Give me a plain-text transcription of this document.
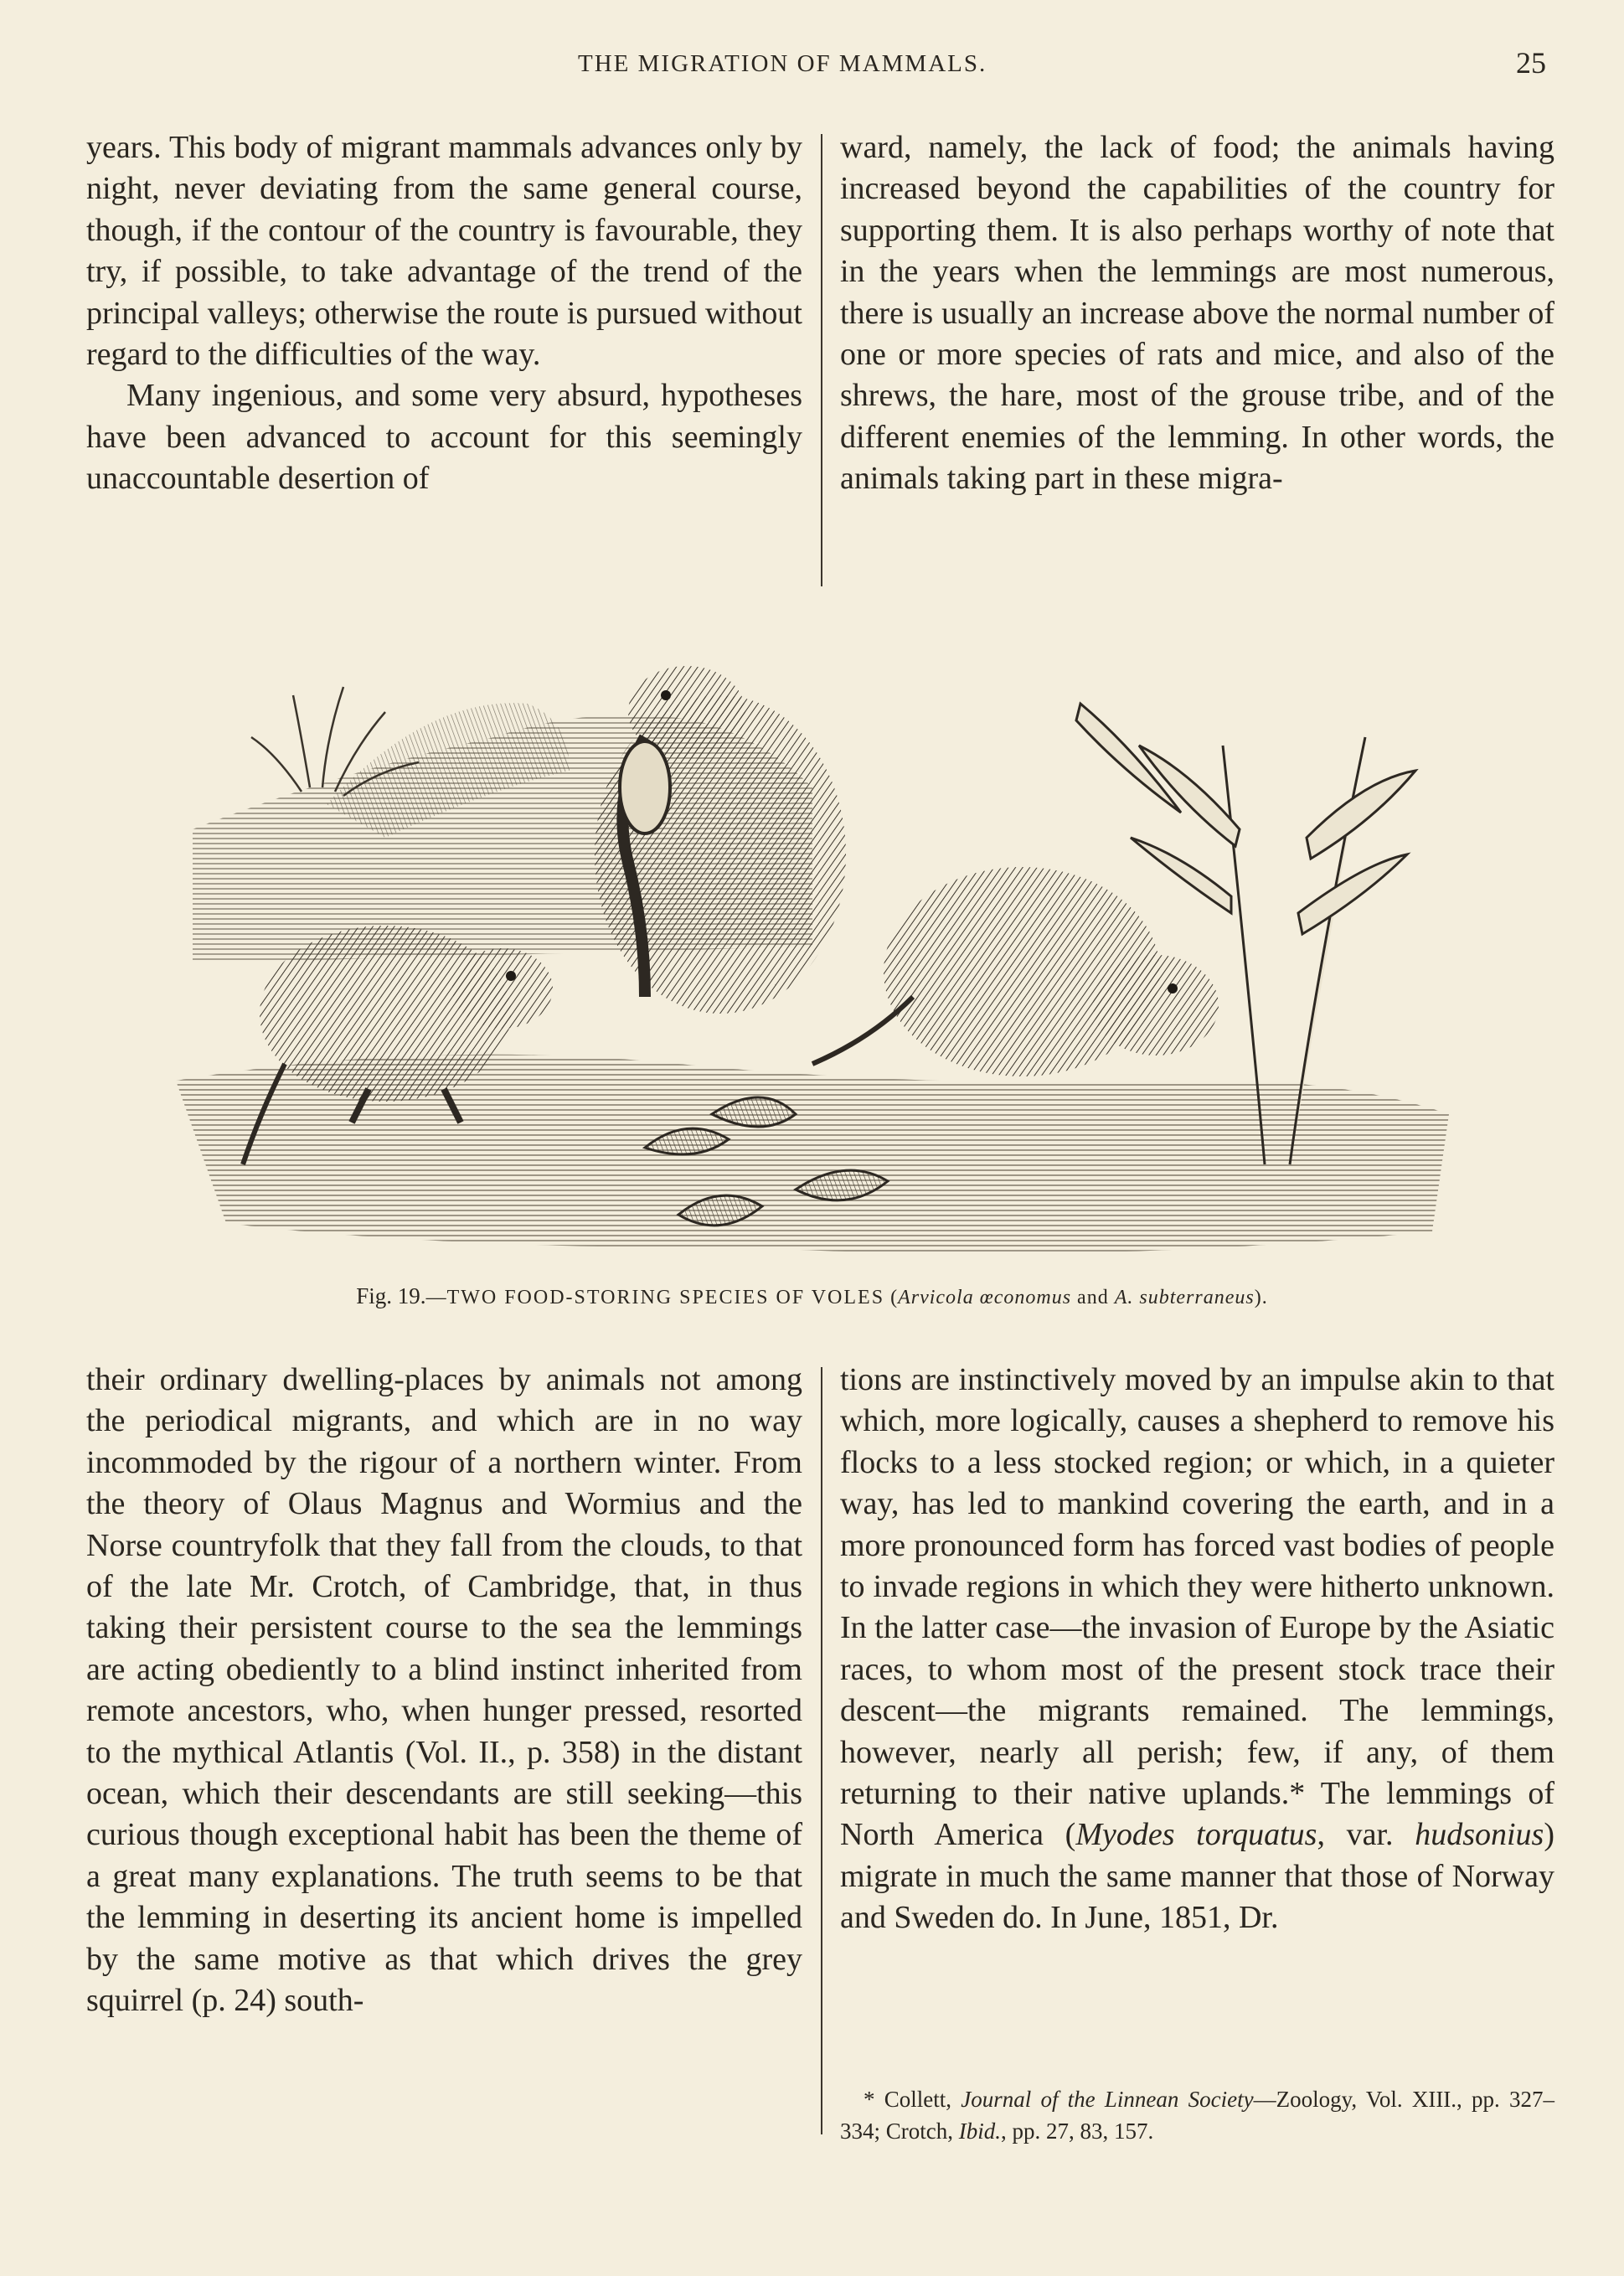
THE MIGRATION OF MAMMALS.	25

years. This body of migrant mammals advances only by night, never deviating from the same general course, though, if the contour of the country is favourable, they try, if possible, to take advantage of the trend of the principal valleys; otherwise the route is pursued without regard to the difficulties of the way.

Many ingenious, and some very absurd, hypotheses have been advanced to account for this seemingly unaccountable desertion of

ward, namely, the lack of food; the animals having increased beyond the capabilities of the country for supporting them. It is also perhaps worthy of note that in the years when the lemmings are most numerous, there is usually an increase above the normal number of one or more species of rats and mice, and also of the shrews, the hare, most of the grouse tribe, and of the different enemies of the lemming. In other words, the animals taking part in these migra-

Fig. 19.—TWO FOOD-STORING SPECIES OF VOLES (Arvicola œconomus and A. subterraneus).

their ordinary dwelling-places by animals not among the periodical migrants, and which are in no way incommoded by the rigour of a northern winter. From the theory of Olaus Magnus and Wormius and the Norse countryfolk that they fall from the clouds, to that of the late Mr. Crotch, of Cambridge, that, in thus taking their persistent course to the sea the lemmings are acting obediently to a blind instinct inherited from remote ancestors, who, when hunger pressed, resorted to the mythical Atlantis (Vol. II., p. 358) in the distant ocean, which their descendants are still seeking—this curious though exceptional habit has been the theme of a great many explanations. The truth seems to be that the lemming in deserting its ancient home is impelled by the same motive as that which drives the grey squirrel (p. 24) south-

tions are instinctively moved by an impulse akin to that which, more logically, causes a shepherd to remove his flocks to a less stocked region; or which, in a quieter way, has led to mankind covering the earth, and in a more pronounced form has forced vast bodies of people to invade regions in which they were hitherto unknown. In the latter case—the invasion of Europe by the Asiatic races, to whom most of the present stock trace their descent—the migrants remained. The lemmings, however, nearly all perish; few, if any, of them returning to their native uplands.* The lemmings of North America (Myodes torquatus, var. hudsonius) migrate in much the same manner that those of Norway and Sweden do. In June, 1851, Dr.

* Collett, Journal of the Linnean Society—Zoology, Vol. XIII., pp. 327–334; Crotch, Ibid., pp. 27, 83, 157.
